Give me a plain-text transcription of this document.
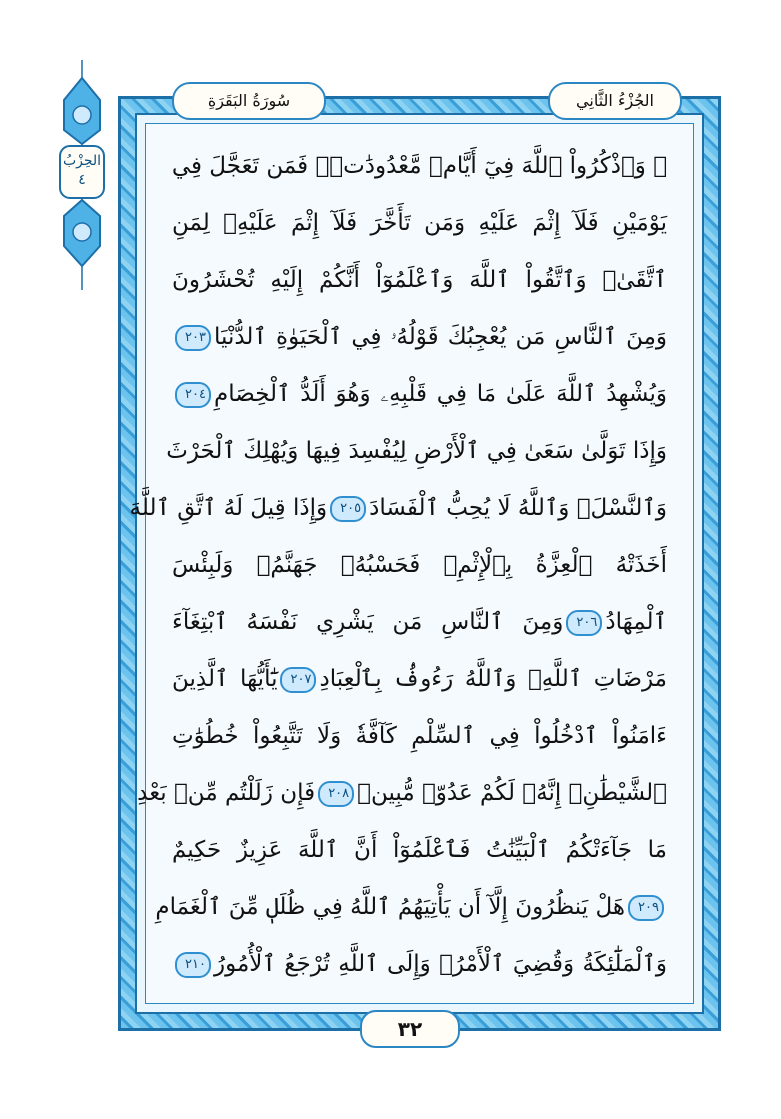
الحِزْبُ
٤
۞ وَٱذْكُرُواْ ٱللَّهَ فِيٓ أَيَّامٖ مَّعْدُودَٰتٖۚ فَمَن تَعَجَّلَ فِي
يَوْمَيْنِ فَلَآ إِثْمَ عَلَيْهِ وَمَن تَأَخَّرَ فَلَآ إِثْمَ عَلَيْهِۖ لِمَنِ
ٱتَّقَىٰۗ وَٱتَّقُواْ ٱللَّهَ وَٱعْلَمُوٓاْ أَنَّكُمْ إِلَيْهِ تُحْشَرُونَ
وَمِنَ ٱلنَّاسِ مَن يُعْجِبُكَ قَوْلُهُۥ فِي ٱلْحَيَوٰةِ ٱلدُّنْيَا٢٠٣
وَيُشْهِدُ ٱللَّهَ عَلَىٰ مَا فِي قَلْبِهِۦ وَهُوَ أَلَدُّ ٱلْخِصَامِ٢٠٤
وَإِذَا تَوَلَّىٰ سَعَىٰ فِي ٱلْأَرْضِ لِيُفْسِدَ فِيهَا وَيُهْلِكَ ٱلْحَرْثَ
وَٱلنَّسْلَۚ وَٱللَّهُ لَا يُحِبُّ ٱلْفَسَادَ٢٠٥وَإِذَا قِيلَ لَهُ ٱتَّقِ ٱللَّهَ
أَخَذَتْهُ ٱلْعِزَّةُ بِٱلْإِثْمِۚ فَحَسْبُهُۥ جَهَنَّمُۖ وَلَبِئْسَ
ٱلْمِهَادُ٢٠٦وَمِنَ ٱلنَّاسِ مَن يَشْرِي نَفْسَهُ ٱبْتِغَآءَ
مَرْضَاتِ ٱللَّهِۚ وَٱللَّهُ رَءُوفُۢ بِٱلْعِبَادِ٢٠٧يَٰٓأَيُّهَا ٱلَّذِينَ
ءَامَنُواْ ٱدْخُلُواْ فِي ٱلسِّلْمِ كَآفَّةٗ وَلَا تَتَّبِعُواْ خُطُوَٰتِ
ٱلشَّيْطَٰنِۚ إِنَّهُۥ لَكُمْ عَدُوّٞ مُّبِينٞ٢٠٨فَإِن زَلَلْتُم مِّنۢ بَعْدِ
مَا جَآءَتْكُمُ ٱلْبَيِّنَٰتُ فَٱعْلَمُوٓاْ أَنَّ ٱللَّهَ عَزِيزٌ حَكِيمٌ
٢٠٩هَلْ يَنظُرُونَ إِلَّآ أَن يَأْتِيَهُمُ ٱللَّهُ فِي ظُلَلٖ مِّنَ ٱلْغَمَامِ
وَٱلْمَلَٰٓئِكَةُ وَقُضِيَ ٱلْأَمْرُۚ وَإِلَى ٱللَّهِ تُرْجَعُ ٱلْأُمُورُ٢١٠
سُورَةُ البَقَرَةِ	الجُزْءُ الثَّانِي
٣٢
